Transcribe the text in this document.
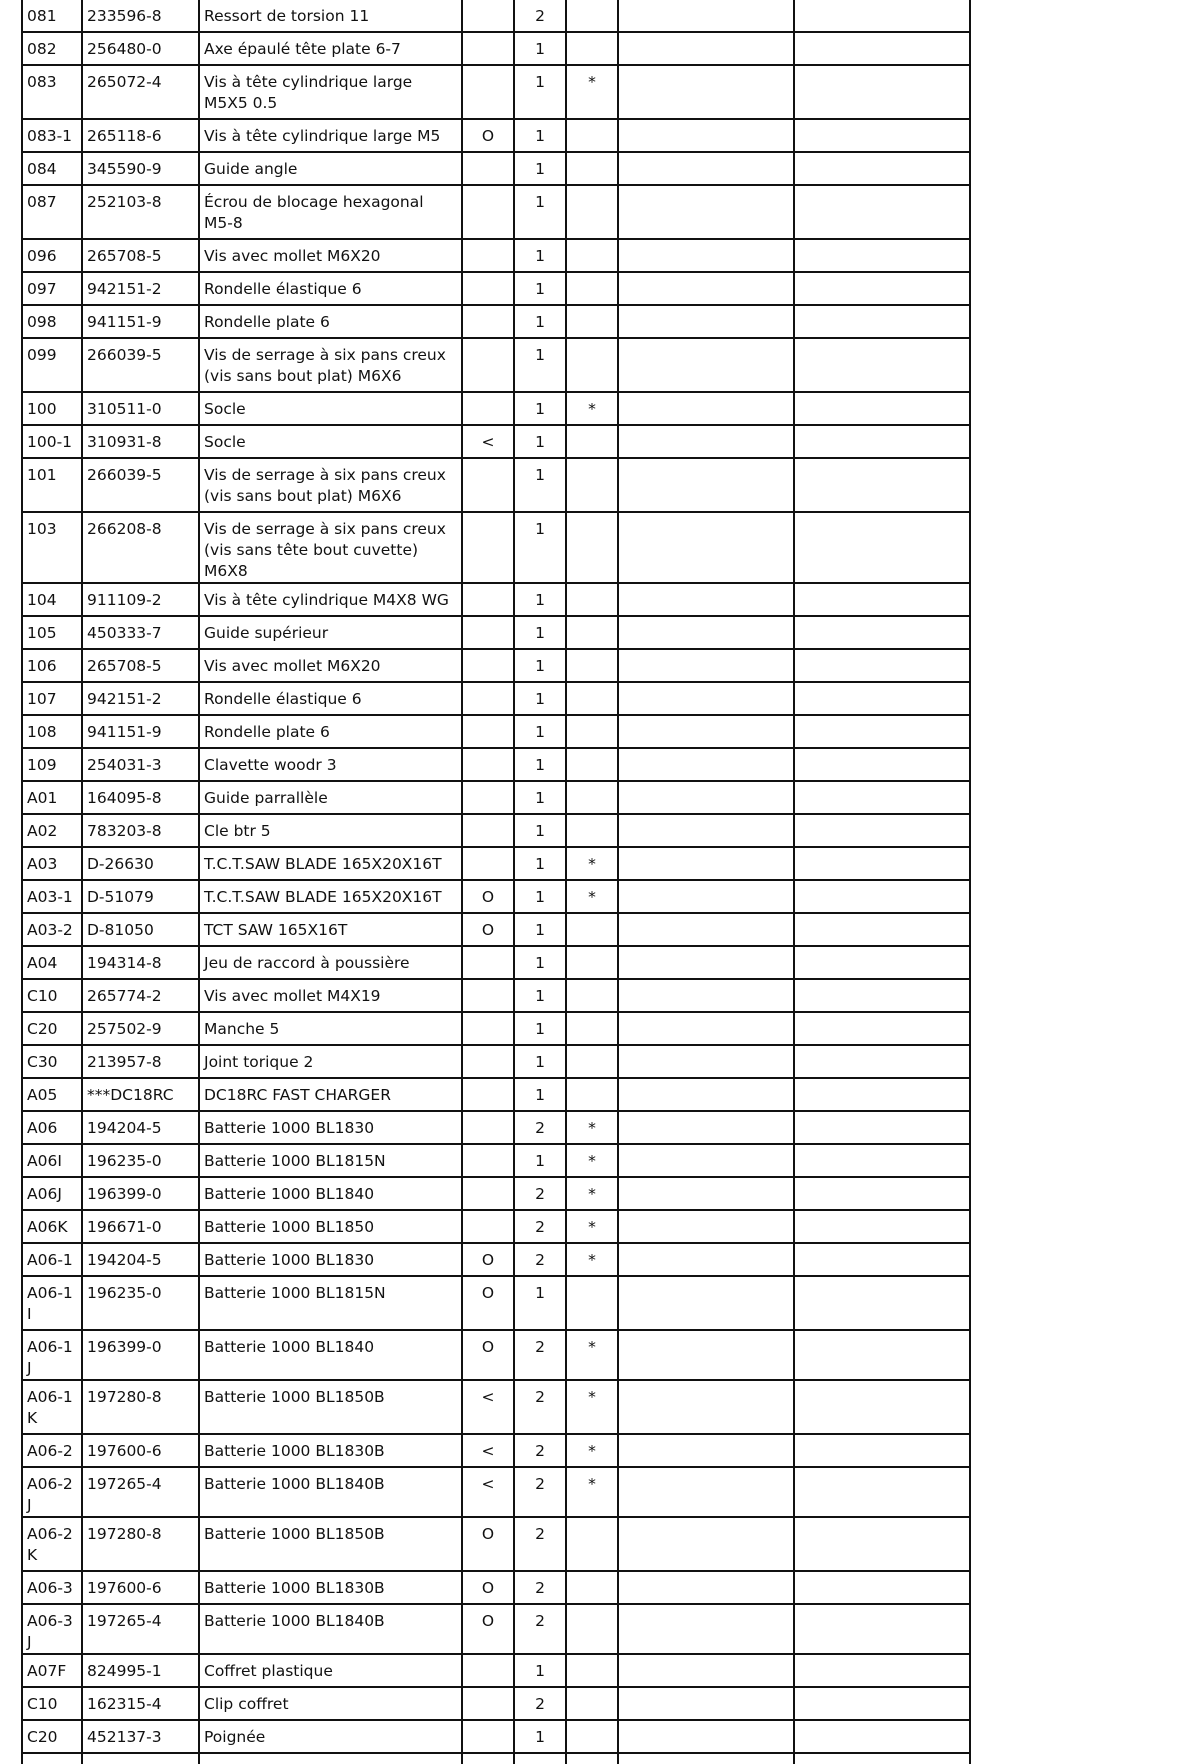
081	233596-8	Ressort de torsion 11		2			
082	256480-0	Axe épaulé tête plate 6-7		1			
083	265072-4	Vis à tête cylindrique large M5X5 0.5		1	*		
083-1	265118-6	Vis à tête cylindrique large M5	O	1			
084	345590-9	Guide angle		1			
087	252103-8	Écrou de blocage hexagonal M5-8		1			
096	265708-5	Vis avec mollet M6X20		1			
097	942151-2	Rondelle élastique 6		1			
098	941151-9	Rondelle plate 6		1			
099	266039-5	Vis de serrage à six pans creux (vis sans bout plat) M6X6		1			
100	310511-0	Socle		1	*		
100-1	310931-8	Socle	<	1			
101	266039-5	Vis de serrage à six pans creux (vis sans bout plat) M6X6		1			
103	266208-8	Vis de serrage à six pans creux (vis sans tête bout cuvette) M6X8		1			
104	911109-2	Vis à tête cylindrique M4X8 WG		1			
105	450333-7	Guide supérieur		1			
106	265708-5	Vis avec mollet M6X20		1			
107	942151-2	Rondelle élastique 6		1			
108	941151-9	Rondelle plate 6		1			
109	254031-3	Clavette woodr 3		1			
A01	164095-8	Guide parrallèle		1			
A02	783203-8	Cle btr 5		1			
A03	D-26630	T.C.T.SAW BLADE 165X20X16T		1	*		
A03-1	D-51079	T.C.T.SAW BLADE 165X20X16T	O	1	*		
A03-2	D-81050	TCT SAW 165X16T	O	1			
A04	194314-8	Jeu de raccord à poussière		1			
C10	265774-2	Vis avec mollet M4X19		1			
C20	257502-9	Manche 5		1			
C30	213957-8	Joint torique 2		1			
A05	***DC18RC	DC18RC FAST CHARGER		1			
A06	194204-5	Batterie 1000 BL1830		2	*		
A06I	196235-0	Batterie 1000 BL1815N		1	*		
A06J	196399-0	Batterie 1000 BL1840		2	*		
A06K	196671-0	Batterie 1000 BL1850		2	*		
A06-1	194204-5	Batterie 1000 BL1830	O	2	*		
A06-1I	196235-0	Batterie 1000 BL1815N	O	1			
A06-1J	196399-0	Batterie 1000 BL1840	O	2	*		
A06-1K	197280-8	Batterie 1000 BL1850B	<	2	*		
A06-2	197600-6	Batterie 1000 BL1830B	<	2	*		
A06-2J	197265-4	Batterie 1000 BL1840B	<	2	*		
A06-2K	197280-8	Batterie 1000 BL1850B	O	2			
A06-3	197600-6	Batterie 1000 BL1830B	O	2			
A06-3J	197265-4	Batterie 1000 BL1840B	O	2			
A07F	824995-1	Coffret plastique		1			
C10	162315-4	Clip coffret		2			
C20	452137-3	Poignée		1			
